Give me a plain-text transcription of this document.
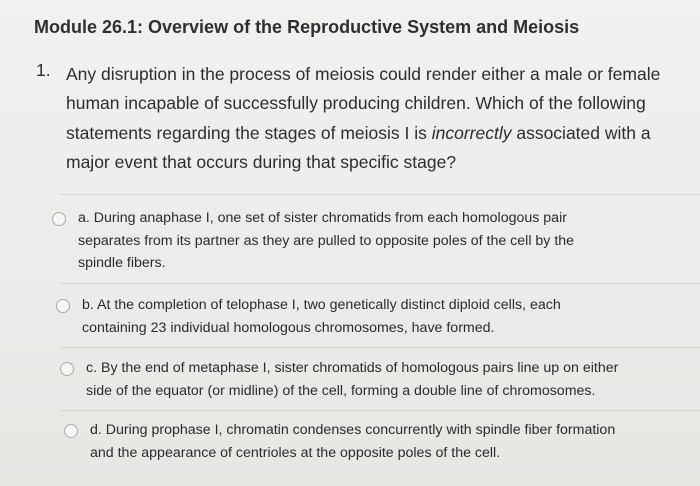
Module 26.1: Overview of the Reproductive System and Meiosis
1. Any disruption in the process of meiosis could render either a male or female

human incapable of successfully producing children. Which of the following

statements regarding the stages of meiosis I is incorrectly associated with a

major event that occurs during that specific stage?

a. During anaphase I, one set of sister chromatids from each homologous pair

separates from its partner as they are pulled to opposite poles of the cell by the

spindle fibers.

b. At the completion of telophase I, two genetically distinct diploid cells, each

containing 23 individual homologous chromosomes, have formed.

c. By the end of metaphase I, sister chromatids of homologous pairs line up on either

side of the equator (or midline) of the cell, forming a double line of chromosomes.

d. During prophase I, chromatin condenses concurrently with spindle fiber formation

and the appearance of centrioles at the opposite poles of the cell.
